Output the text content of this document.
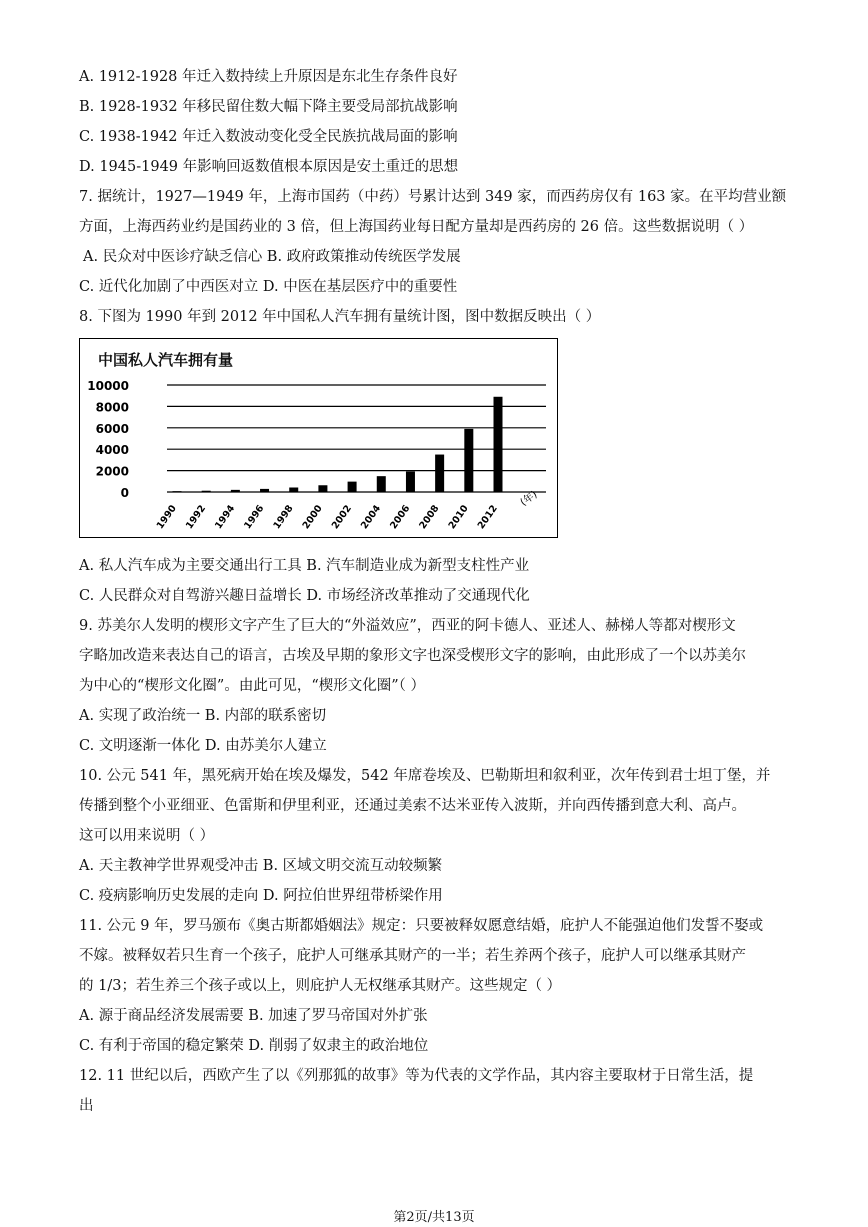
A. 1912-1928 年迁入数持续上升原因是东北生存条件良好
B. 1928-1932 年移民留住数大幅下降主要受局部抗战影响
C. 1938-1942 年迁入数波动变化受全民族抗战局面的影响
D. 1945-1949 年影响回返数值根本原因是安土重迁的思想
7. 据统计，1927—1949 年，上海市国药（中药）号累计达到 349 家，而西药房仅有 163 家。在平均营业额
方面，上海西药业约是国药业的 3 倍，但上海国药业每日配方量却是西药房的 26 倍。这些数据说明（ ）
A. 民众对中医诊疗缺乏信心 B. 政府政策推动传统医学发展
C. 近代化加剧了中西医对立 D. 中医在基层医疗中的重要性
8. 下图为 1990 年到 2012 年中国私人汽车拥有量统计图，图中数据反映出（ ）
A. 私人汽车成为主要交通出行工具 B. 汽车制造业成为新型支柱性产业
C. 人民群众对自驾游兴趣日益增长 D. 市场经济改革推动了交通现代化
9. 苏美尔人发明的楔形文字产生了巨大的“外溢效应”，西亚的阿卡德人、亚述人、赫梯人等都对楔形文
字略加改造来表达自己的语言，古埃及早期的象形文字也深受楔形文字的影响，由此形成了一个以苏美尔
为中心的“楔形文化圈”。由此可见，“楔形文化圈”（ ）
A. 实现了政治统一 B. 内部的联系密切
C. 文明逐渐一体化 D. 由苏美尔人建立
10. 公元 541 年，黑死病开始在埃及爆发，542 年席卷埃及、巴勒斯坦和叙利亚，次年传到君士坦丁堡，并
传播到整个小亚细亚、色雷斯和伊里利亚，还通过美索不达米亚传入波斯，并向西传播到意大利、高卢。
这可以用来说明（ ）
A. 天主教神学世界观受冲击 B. 区域文明交流互动较频繁
C. 疫病影响历史发展的走向 D. 阿拉伯世界纽带桥梁作用
11. 公元 9 年，罗马颁布《奥古斯都婚姻法》规定：只要被释奴愿意结婚，庇护人不能强迫他们发誓不娶或
不嫁。被释奴若只生育一个孩子，庇护人可继承其财产的一半；若生养两个孩子，庇护人可以继承其财产
的 1/3；若生养三个孩子或以上，则庇护人无权继承其财产。这些规定（ ）
A. 源于商品经济发展需要 B. 加速了罗马帝国对外扩张
C. 有利于帝国的稳定繁荣 D. 削弱了奴隶主的政治地位
12. 11 世纪以后，西欧产生了以《列那狐的故事》等为代表的文学作品，其内容主要取材于日常生活，提
出
中国私人汽车拥有量
0
2000
4000
6000
8000
10000
1990 1992 1994 1996 1998 2000 2002 2004 2006 2008 2010 2012
(年)
第2页/共13页
